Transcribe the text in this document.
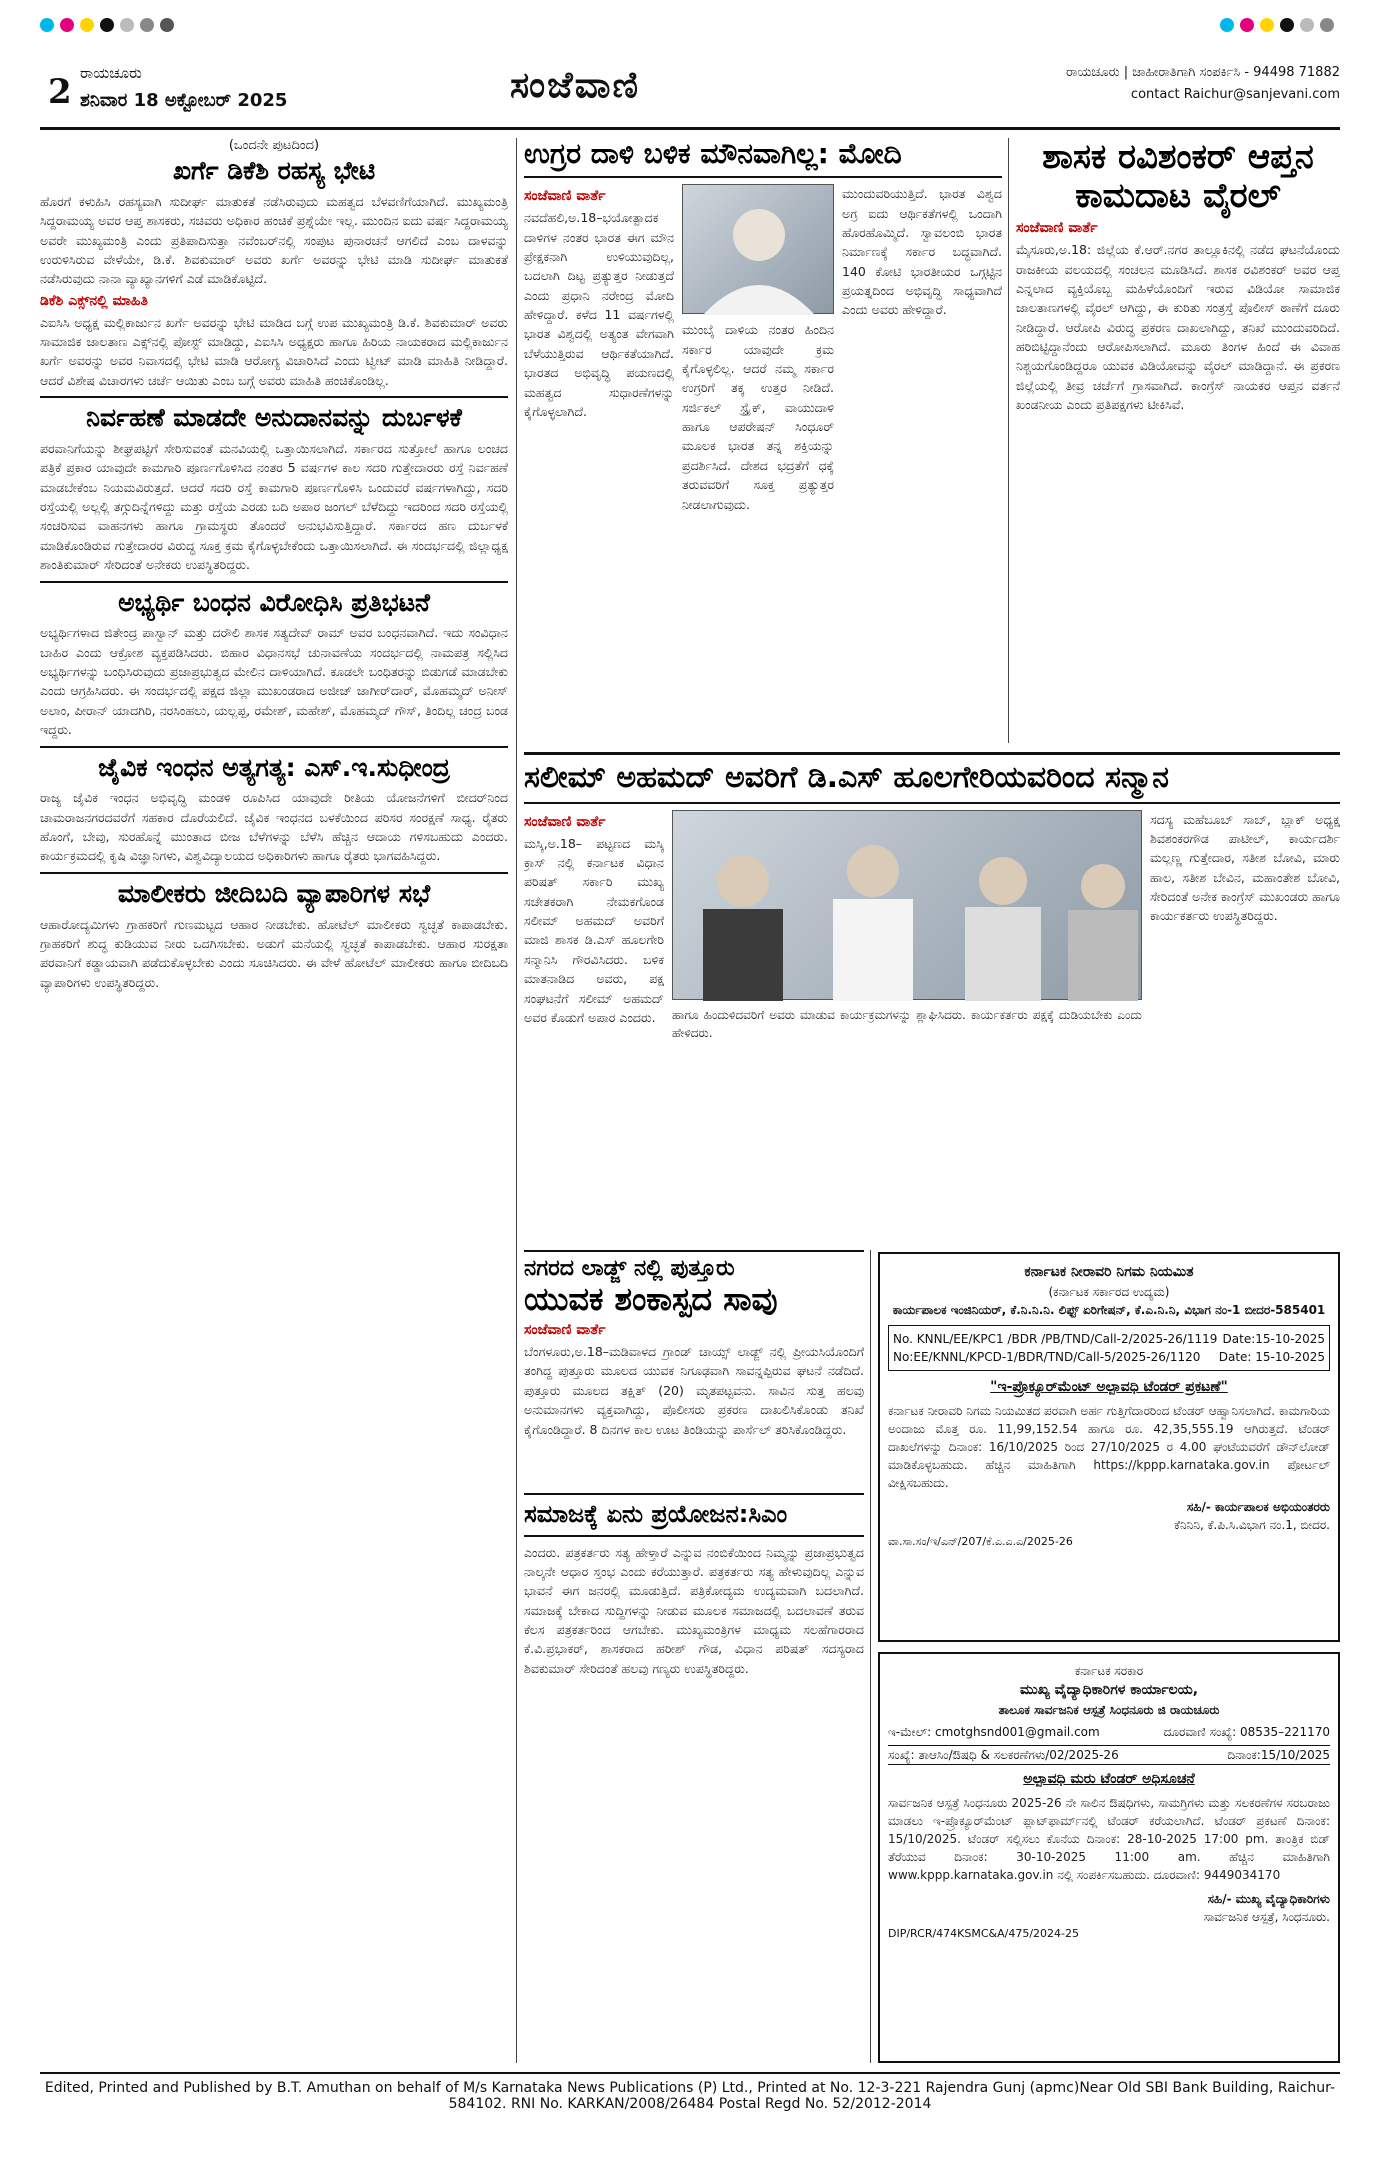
2 ರಾಯಚೂರು
ಶನಿವಾರ 18 ಅಕ್ಟೋಬರ್ 2025	ಸಂಜೆವಾಣಿ	ರಾಯಚೂರು | ಜಾಹೀರಾತಿಗಾಗಿ ಸಂಪರ್ಕಿಸಿ - 94498 71882
contact Raichur@sanjevani.com
(ಒಂದನೇ ಪುಟದಿಂದ)
ಖರ್ಗೆ ಡಿಕೆಶಿ ರಹಸ್ಯ ಭೇಟಿ
ಹೊರಗೆ ಕಳುಹಿಸಿ ರಹಸ್ಯವಾಗಿ ಸುದೀರ್ಘ ಮಾತುಕತೆ ನಡೆಸಿರುವುದು ಮಹತ್ವದ ಬೆಳವಣಿಗೆಯಾಗಿದೆ. ಮುಖ್ಯಮಂತ್ರಿ ಸಿದ್ದರಾಮಯ್ಯ ಅವರ ಆಪ್ತ ಶಾಸಕರು, ಸಚಿವರು ಅಧಿಕಾರ ಹಂಚಿಕೆ ಪ್ರಶ್ನೆಯೇ ಇಲ್ಲ. ಮುಂದಿನ ಐದು ವರ್ಷ ಸಿದ್ದರಾಮಯ್ಯ ಅವರೇ ಮುಖ್ಯಮಂತ್ರಿ ಎಂದು ಪ್ರತಿಪಾದಿಸುತ್ತಾ ನವೆಂಬರ್‌ನಲ್ಲಿ ಸಂಪುಟ ಪುನಾರಚನೆ ಆಗಲಿದೆ ಎಂಬ ದಾಳವನ್ನು ಉರುಳಿಸಿರುವ ವೇಳೆಯೇ, ಡಿ.ಕೆ. ಶಿವಕುಮಾರ್ ಅವರು ಖರ್ಗೆ ಅವರನ್ನು ಭೇಟಿ ಮಾಡಿ ಸುದೀರ್ಘ ಮಾತುಕತೆ ನಡೆಸಿರುವುದು ನಾನಾ ವ್ಯಾಖ್ಯಾನಗಳಿಗೆ ಎಡೆ ಮಾಡಿಕೊಟ್ಟಿದೆ.
ಡಿಕೆಶಿ ಎಕ್ಸ್‌ನಲ್ಲಿ ಮಾಹಿತಿ
ಎಐಸಿಸಿ ಅಧ್ಯಕ್ಷ ಮಲ್ಲಿಕಾರ್ಜುನ ಖರ್ಗೆ ಅವರನ್ನು ಭೇಟಿ ಮಾಡಿದ ಬಗ್ಗೆ ಉಪ ಮುಖ್ಯಮಂತ್ರಿ ಡಿ.ಕೆ. ಶಿವಕುಮಾರ್ ಅವರು ಸಾಮಾಜಿಕ ಜಾಲತಾಣ ಎಕ್ಸ್‌ನಲ್ಲಿ ಪೋಸ್ಟ್ ಮಾಡಿದ್ದು, ಎಐಸಿಸಿ ಅಧ್ಯಕ್ಷರು ಹಾಗೂ ಹಿರಿಯ ನಾಯಕರಾದ ಮಲ್ಲಿಕಾರ್ಜುನ ಖರ್ಗೆ ಅವರನ್ನು ಅವರ ನಿವಾಸದಲ್ಲಿ ಭೇಟಿ ಮಾಡಿ ಆರೋಗ್ಯ ವಿಚಾರಿಸಿದೆ ಎಂದು ಟ್ವೀಟ್ ಮಾಡಿ ಮಾಹಿತಿ ನೀಡಿದ್ದಾರೆ. ಆದರೆ ವಿಶೇಷ ವಿಚಾರಗಳು ಚರ್ಚೆ ಆಯಿತು ಎಂಬ ಬಗ್ಗೆ ಅವರು ಮಾಹಿತಿ ಹಂಚಿಕೊಂಡಿಲ್ಲ.
ನಿರ್ವಹಣೆ ಮಾಡದೇ ಅನುದಾನವನ್ನು ದುರ್ಬಳಕೆ
ಪರವಾನಿಗೆಯನ್ನು ಶೀಘ್ರಪಟ್ಟಿಗೆ ಸೇರಿಸುವಂತೆ ಮನವಿಯಲ್ಲಿ ಒತ್ತಾಯಿಸಲಾಗಿದೆ. ಸರ್ಕಾರದ ಸುತ್ತೋಲೆ ಹಾಗೂ ಲಂಚದ ಪತ್ರಿಕೆ ಪ್ರಕಾರ ಯಾವುದೇ ಕಾಮಗಾರಿ ಪೂರ್ಣಗೊಳಿಸಿದ ನಂತರ 5 ವರ್ಷಗಳ ಕಾಲ ಸದರಿ ಗುತ್ತೇದಾರರು ರಸ್ತೆ ನಿರ್ವಹಣೆ ಮಾಡಬೇಕೆಂಬ ನಿಯಮವಿರುತ್ತದೆ. ಆದರೆ ಸದರಿ ರಸ್ತೆ ಕಾಮಗಾರಿ ಪೂರ್ಣಗೊಳಿಸಿ ಒಂದುವರೆ ವರ್ಷಗಳಾಗಿದ್ದು, ಸದರಿ ರಸ್ತೆಯಲ್ಲಿ ಅಲ್ಲಲ್ಲಿ ತಗ್ಗುದಿನ್ನೆಗಳಿದ್ದು ಮತ್ತು ರಸ್ತೆಯ ಎರಡು ಬದಿ ಅಪಾರ ಜಂಗಲ್ ಬೆಳೆದಿದ್ದು ಇದರಿಂದ ಸದರಿ ರಸ್ತೆಯಲ್ಲಿ ಸಂಚರಿಸುವ ವಾಹನಗಳು ಹಾಗೂ ಗ್ರಾಮಸ್ಥರು ತೊಂದರೆ ಅನುಭವಿಸುತ್ತಿದ್ದಾರೆ. ಸರ್ಕಾರದ ಹಣ ದುರ್ಬಳಕೆ ಮಾಡಿಕೊಂಡಿರುವ ಗುತ್ತೇದಾರರ ವಿರುದ್ಧ ಸೂಕ್ತ ಕ್ರಮ ಕೈಗೊಳ್ಳಬೇಕೆಂದು ಒತ್ತಾಯಿಸಲಾಗಿದೆ. ಈ ಸಂದರ್ಭದಲ್ಲಿ ಜಿಲ್ಲಾಧ್ಯಕ್ಷ ಶಾಂತಿಕುಮಾರ್ ಸೇರಿದಂತೆ ಅನೇಕರು ಉಪಸ್ಥಿತರಿದ್ದರು.
ಅಭ್ಯರ್ಥಿ ಬಂಧನ ವಿರೋಧಿಸಿ ಪ್ರತಿಭಟನೆ
ಅಭ್ಯರ್ಥಿಗಳಾದ ಜಿತೇಂದ್ರ ಪಾಸ್ವಾನ್ ಮತ್ತು ದರೌಲಿ ಶಾಸಕ ಸತ್ಯದೇವ್ ರಾಮ್ ಅವರ ಬಂಧನವಾಗಿದೆ. ಇದು ಸಂವಿಧಾನ ಬಾಹಿರ ಎಂದು ಆಕ್ರೋಶ ವ್ಯಕ್ತಪಡಿಸಿದರು. ಬಿಹಾರ ವಿಧಾನಸಭೆ ಚುನಾವಣೆಯ ಸಂದರ್ಭದಲ್ಲಿ ನಾಮಪತ್ರ ಸಲ್ಲಿಸಿದ ಅಭ್ಯರ್ಥಿಗಳನ್ನು ಬಂಧಿಸಿರುವುದು ಪ್ರಜಾಪ್ರಭುತ್ವದ ಮೇಲಿನ ದಾಳಿಯಾಗಿದೆ. ಕೂಡಲೇ ಬಂಧಿತರನ್ನು ಬಿಡುಗಡೆ ಮಾಡಬೇಕು ಎಂದು ಆಗ್ರಹಿಸಿದರು. ಈ ಸಂದರ್ಭದಲ್ಲಿ ಪಕ್ಷದ ಜಿಲ್ಲಾ ಮುಖಂಡರಾದ ಅಜೀಜ್ ಜಾಗೀರ್‌ದಾರ್, ಮೊಹಮ್ಮದ್ ಅನೀಸ್ ಅಲಾಂ, ಪೀರಾನ್ ಯಾದಗಿರಿ, ನರಸಿಂಹಲು, ಯಲ್ಲಪ್ಪ, ರಮೇಶ್, ಮಹೇಶ್, ಮೊಹಮ್ಮದ್ ಗೌಸ್, ತಿಂದಿಲ್ಲ ಚಂದ್ರ ಬಂಡ ಇದ್ದರು.
ಜೈವಿಕ ಇಂಧನ ಅತ್ಯಗತ್ಯ: ಎಸ್.ಇ.ಸುಧೀಂದ್ರ
ರಾಜ್ಯ ಜೈವಿಕ ಇಂಧನ ಅಭಿವೃದ್ಧಿ ಮಂಡಳಿ ರೂಪಿಸಿದ ಯಾವುದೇ ರೀತಿಯ ಯೋಜನೆಗಳಿಗೆ ಬೀದರ್‌ನಿಂದ ಚಾಮರಾಜನಗರದವರೆಗೆ ಸಹಕಾರ ದೊರೆಯಲಿದೆ. ಜೈವಿಕ ಇಂಧನದ ಬಳಕೆಯಿಂದ ಪರಿಸರ ಸಂರಕ್ಷಣೆ ಸಾಧ್ಯ. ರೈತರು ಹೊಂಗೆ, ಬೇವು, ಸುರಹೊನ್ನೆ ಮುಂತಾದ ಬೀಜ ಬೆಳೆಗಳನ್ನು ಬೆಳೆಸಿ ಹೆಚ್ಚಿನ ಆದಾಯ ಗಳಿಸಬಹುದು ಎಂದರು. ಕಾರ್ಯಕ್ರಮದಲ್ಲಿ ಕೃಷಿ ವಿಜ್ಞಾನಿಗಳು, ವಿಶ್ವವಿದ್ಯಾಲಯದ ಅಧಿಕಾರಿಗಳು ಹಾಗೂ ರೈತರು ಭಾಗವಹಿಸಿದ್ದರು.
ಮಾಲೀಕರು ಜೀದಿಬದಿ ವ್ಯಾಪಾರಿಗಳ ಸಭೆ
ಆಹಾರೋದ್ಯಮಿಗಳು ಗ್ರಾಹಕರಿಗೆ ಗುಣಮಟ್ಟದ ಆಹಾರ ನೀಡಬೇಕು. ಹೋಟೆಲ್ ಮಾಲೀಕರು ಸ್ವಚ್ಛತೆ ಕಾಪಾಡಬೇಕು. ಗ್ರಾಹಕರಿಗೆ ಶುದ್ಧ ಕುಡಿಯುವ ನೀರು ಒದಗಿಸಬೇಕು. ಅಡುಗೆ ಮನೆಯಲ್ಲಿ ಸ್ವಚ್ಛತೆ ಕಾಪಾಡಬೇಕು. ಆಹಾರ ಸುರಕ್ಷತಾ ಪರವಾನಿಗೆ ಕಡ್ಡಾಯವಾಗಿ ಪಡೆದುಕೊಳ್ಳಬೇಕು ಎಂದು ಸೂಚಿಸಿದರು. ಈ ವೇಳೆ ಹೋಟೆಲ್ ಮಾಲೀಕರು ಹಾಗೂ ಬೀದಿಬದಿ ವ್ಯಾಪಾರಿಗಳು ಉಪಸ್ಥಿತರಿದ್ದರು.
ಉಗ್ರರ ದಾಳಿ ಬಳಿಕ ಮೌನವಾಗಿಲ್ಲ: ಮೋದಿ
ಸಂಜೆವಾಣಿ ವಾರ್ತೆ
ನವದೆಹಲಿ,ಅ.18–ಭಯೋತ್ಪಾದಕ ದಾಳಿಗಳ ನಂತರ ಭಾರತ ಈಗ ಮೌನ ಪ್ರೇಕ್ಷಕನಾಗಿ ಉಳಿಯುವುದಿಲ್ಲ, ಬದಲಾಗಿ ದಿಟ್ಟ ಪ್ರತ್ಯುತ್ತರ ನೀಡುತ್ತದೆ ಎಂದು ಪ್ರಧಾನಿ ನರೇಂದ್ರ ಮೋದಿ ಹೇಳಿದ್ದಾರೆ. ಕಳೆದ 11 ವರ್ಷಗಳಲ್ಲಿ ಭಾರತ ವಿಶ್ವದಲ್ಲಿ ಅತ್ಯಂತ ವೇಗವಾಗಿ ಬೆಳೆಯುತ್ತಿರುವ ಆರ್ಥಿಕತೆಯಾಗಿದೆ. ಭಾರತದ ಅಭಿವೃದ್ಧಿ ಪಯಣದಲ್ಲಿ ಮಹತ್ವದ ಸುಧಾರಣೆಗಳನ್ನು ಕೈಗೊಳ್ಳಲಾಗಿದೆ.
ಮುಂಬೈ ದಾಳಿಯ ನಂತರ ಹಿಂದಿನ ಸರ್ಕಾರ ಯಾವುದೇ ಕ್ರಮ ಕೈಗೊಳ್ಳಲಿಲ್ಲ. ಆದರೆ ನಮ್ಮ ಸರ್ಕಾರ ಉಗ್ರರಿಗೆ ತಕ್ಕ ಉತ್ತರ ನೀಡಿದೆ. ಸರ್ಜಿಕಲ್ ಸ್ಟ್ರೈಕ್, ವಾಯುದಾಳಿ ಹಾಗೂ ಆಪರೇಷನ್ ಸಿಂಧೂರ್ ಮೂಲಕ ಭಾರತ ತನ್ನ ಶಕ್ತಿಯನ್ನು ಪ್ರದರ್ಶಿಸಿದೆ. ದೇಶದ ಭದ್ರತೆಗೆ ಧಕ್ಕೆ ತರುವವರಿಗೆ ಸೂಕ್ತ ಪ್ರತ್ಯುತ್ತರ ನೀಡಲಾಗುವುದು.
ಮುಂದುವರಿಯುತ್ತಿದೆ. ಭಾರತ ವಿಶ್ವದ ಅಗ್ರ ಐದು ಆರ್ಥಿಕತೆಗಳಲ್ಲಿ ಒಂದಾಗಿ ಹೊರಹೊಮ್ಮಿದೆ. ಸ್ವಾವಲಂಬಿ ಭಾರತ ನಿರ್ಮಾಣಕ್ಕೆ ಸರ್ಕಾರ ಬದ್ಧವಾಗಿದೆ. 140 ಕೋಟಿ ಭಾರತೀಯರ ಒಗ್ಗಟ್ಟಿನ ಪ್ರಯತ್ನದಿಂದ ಅಭಿವೃದ್ಧಿ ಸಾಧ್ಯವಾಗಿದೆ ಎಂದು ಅವರು ಹೇಳಿದ್ದಾರೆ.
ಶಾಸಕ ರವಿಶಂಕರ್ ಆಪ್ತನ ಕಾಮದಾಟ ವೈರಲ್
ಸಂಜೆವಾಣಿ ವಾರ್ತೆ
ಮೈಸೂರು,ಅ.18: ಜಿಲ್ಲೆಯ ಕೆ.ಆರ್.ನಗರ ತಾಲ್ಲೂಕಿನಲ್ಲಿ ನಡೆದ ಘಟನೆಯೊಂದು ರಾಜಕೀಯ ವಲಯದಲ್ಲಿ ಸಂಚಲನ ಮೂಡಿಸಿದೆ. ಶಾಸಕ ರವಿಶಂಕರ್ ಅವರ ಆಪ್ತ ಎನ್ನಲಾದ ವ್ಯಕ್ತಿಯೊಬ್ಬ ಮಹಿಳೆಯೊಂದಿಗೆ ಇರುವ ವಿಡಿಯೋ ಸಾಮಾಜಿಕ ಜಾಲತಾಣಗಳಲ್ಲಿ ವೈರಲ್ ಆಗಿದ್ದು, ಈ ಕುರಿತು ಸಂತ್ರಸ್ತೆ ಪೊಲೀಸ್ ಠಾಣೆಗೆ ದೂರು ನೀಡಿದ್ದಾರೆ. ಆರೋಪಿ ವಿರುದ್ಧ ಪ್ರಕರಣ ದಾಖಲಾಗಿದ್ದು, ತನಿಖೆ ಮುಂದುವರಿದಿದೆ. ಹರಿಬಿಟ್ಟಿದ್ದಾನೆಂದು ಆರೋಪಿಸಲಾಗಿದೆ. ಮೂರು ತಿಂಗಳ ಹಿಂದೆ ಈ ವಿವಾಹ ನಿಶ್ಚಯಗೊಂಡಿದ್ದರೂ ಯುವಕ ವಿಡಿಯೋವನ್ನು ವೈರಲ್ ಮಾಡಿದ್ದಾನೆ. ಈ ಪ್ರಕರಣ ಜಿಲ್ಲೆಯಲ್ಲಿ ತೀವ್ರ ಚರ್ಚೆಗೆ ಗ್ರಾಸವಾಗಿದೆ. ಕಾಂಗ್ರೆಸ್ ನಾಯಕರ ಆಪ್ತನ ವರ್ತನೆ ಖಂಡನೀಯ ಎಂದು ಪ್ರತಿಪಕ್ಷಗಳು ಟೀಕಿಸಿವೆ.
ಸಲೀಮ್ ಅಹಮದ್ ಅವರಿಗೆ ಡಿ.ಎಸ್ ಹೂಲಗೇರಿಯವರಿಂದ ಸನ್ಮಾನ
ಸಂಜೆವಾಣಿ ವಾರ್ತೆ
ಮಸ್ಕಿ,ಅ.18– ಪಟ್ಟಣದ ಮಸ್ಕಿ ಕ್ರಾಸ್ ನಲ್ಲಿ ಕರ್ನಾಟಕ ವಿಧಾನ ಪರಿಷತ್ ಸರ್ಕಾರಿ ಮುಖ್ಯ ಸಚೇತಕರಾಗಿ ನೇಮಕಗೊಂಡ ಸಲೀಮ್ ಅಹಮದ್ ಅವರಿಗೆ ಮಾಜಿ ಶಾಸಕ ಡಿ.ಎಸ್ ಹೂಲಗೇರಿ ಸನ್ಮಾನಿಸಿ ಗೌರವಿಸಿದರು. ಬಳಿಕ ಮಾತನಾಡಿದ ಅವರು, ಪಕ್ಷ ಸಂಘಟನೆಗೆ ಸಲೀಮ್ ಅಹಮದ್ ಅವರ ಕೊಡುಗೆ ಅಪಾರ ಎಂದರು.	ಹಾಗೂ ಹಿಂದುಳಿದವರಿಗೆ ಅವರು ಮಾಡುವ ಕಾರ್ಯಕ್ರಮಗಳನ್ನು ಶ್ಲಾಘಿಸಿದರು. ಕಾರ್ಯಕರ್ತರು ಪಕ್ಷಕ್ಕೆ ದುಡಿಯಬೇಕು ಎಂದು ಹೇಳಿದರು.
ಸದಸ್ಯ ಮಹೆಬೂಬ್ ಸಾಬ್, ಬ್ಲಾಕ್ ಅಧ್ಯಕ್ಷ ಶಿವಶಂಕರಗೌಡ ಪಾಟೀಲ್, ಕಾರ್ಯದರ್ಶಿ ಮಲ್ಲಣ್ಣ ಗುತ್ತೇದಾರ, ಸತೀಶ ಬೋವಿ, ಮಾರು ಹಾಲ, ಸತೀಶ ಬೇವಿನ, ಮಹಾಂತೇಶ ಬೋವಿ, ಸೇರಿದಂತೆ ಅನೇಕ ಕಾಂಗ್ರೆಸ್ ಮುಖಂಡರು ಹಾಗೂ ಕಾರ್ಯಕರ್ತರು ಉಪಸ್ಥಿತರಿದ್ದರು.
ನಗರದ ಲಾಡ್ಜ್ ನಲ್ಲಿ ಪುತ್ತೂರು
ಯುವಕ ಶಂಕಾಸ್ಪದ ಸಾವು
ಸಂಜೆವಾಣಿ ವಾರ್ತೆ
ಬೆಂಗಳೂರು,ಅ.18–ಮಡಿವಾಳದ ಗ್ರಾಂಡ್ ಚಾಯ್ಸ್ ಲಾಡ್ಜ್ ನಲ್ಲಿ ಪ್ರೀಯಸಿಯೊಂದಿಗೆ ತಂಗಿದ್ದ ಪುತ್ತೂರು ಮೂಲದ ಯುವಕ ನಿಗೂಢವಾಗಿ ಸಾವನ್ನಪ್ಪಿರುವ ಘಟನೆ ನಡೆದಿದೆ. ಪುತ್ತೂರು ಮೂಲದ ತಕ್ಷಿತ್ (20) ಮೃತಪಟ್ಟವನು. ಸಾವಿನ ಸುತ್ತ ಹಲವು ಅನುಮಾನಗಳು ವ್ಯಕ್ತವಾಗಿದ್ದು, ಪೊಲೀಸರು ಪ್ರಕರಣ ದಾಖಲಿಸಿಕೊಂಡು ತನಿಖೆ ಕೈಗೊಂಡಿದ್ದಾರೆ. 8 ದಿನಗಳ ಕಾಲ ಊಟ ತಿಂಡಿಯನ್ನು ಪಾರ್ಸೆಲ್ ತರಿಸಿಕೊಂಡಿದ್ದರು.
ಸಮಾಜಕ್ಕೆ ಏನು ಪ್ರಯೋಜನ:ಸಿಎಂ
ಎಂದರು. ಪತ್ರಕರ್ತರು ಸತ್ಯ ಹೇಳ್ತಾರೆ ಎನ್ನುವ ನಂಬಿಕೆಯಿಂದ ನಿಮ್ಮನ್ನು ಪ್ರಜಾಪ್ರಭುತ್ವದ ನಾಲ್ಕನೇ ಆಧಾರ ಸ್ತಂಭ ಎಂದು ಕರೆಯುತ್ತಾರೆ. ಪತ್ರಕರ್ತರು ಸತ್ಯ ಹೇಳುವುದಿಲ್ಲ ಎನ್ನುವ ಭಾವನೆ ಈಗ ಜನರಲ್ಲಿ ಮೂಡುತ್ತಿದೆ. ಪತ್ರಿಕೋದ್ಯಮ ಉದ್ಯಮವಾಗಿ ಬದಲಾಗಿದೆ. ಸಮಾಜಕ್ಕೆ ಬೇಕಾದ ಸುದ್ದಿಗಳನ್ನು ನೀಡುವ ಮೂಲಕ ಸಮಾಜದಲ್ಲಿ ಬದಲಾವಣೆ ತರುವ ಕೆಲಸ ಪತ್ರಕರ್ತರಿಂದ ಆಗಬೇಕು. ಮುಖ್ಯಮಂತ್ರಿಗಳ ಮಾಧ್ಯಮ ಸಲಹೆಗಾರರಾದ ಕೆ.ವಿ.ಪ್ರಭಾಕರ್, ಶಾಸಕರಾದ ಹರೀಶ್ ಗೌಡ, ವಿಧಾನ ಪರಿಷತ್ ಸದಸ್ಯರಾದ ಶಿವಕುಮಾರ್ ಸೇರಿದಂತೆ ಹಲವು ಗಣ್ಯರು ಉಪಸ್ಥಿತರಿದ್ದರು.
ಕರ್ನಾಟಕ ನೀರಾವರಿ ನಿಗಮ ನಿಯಮಿತ
(ಕರ್ನಾಟಕ ಸರ್ಕಾರದ ಉದ್ಯಮ)
ಕಾರ್ಯಪಾಲಕ ಇಂಜಿನಿಯರ್, ಕೆ.ನಿ.ನಿ.ನಿ. ಲಿಫ್ಟ್ ಏರಿಗೇಷನ್, ಕೆ.ಎ.ನಿ.ನಿ, ವಿಭಾಗ ನಂ-1 ಬೀದರ-585401
No. KNNL/EE/KPC1 /BDR /PB/TND/Call-2/2025-26/1119 Date:15-10-2025
No:EE/KNNL/KPCD-1/BDR/TND/Call-5/2025-26/1120 Date: 15-10-2025
"ಇ-ಪ್ರೊಕ್ಯೂರ್‌ಮೆಂಟ್ ಅಲ್ಪಾವಧಿ ಟೆಂಡರ್ ಪ್ರಕಟಣೆ"

ಕರ್ನಾಟಕ ನೀರಾವರಿ ನಿಗಮ ನಿಯಮಿತದ ಪರವಾಗಿ ಅರ್ಹ ಗುತ್ತಿಗೆದಾರರಿಂದ ಟೆಂಡರ್ ಆಹ್ವಾನಿಸಲಾಗಿದೆ. ಕಾಮಗಾರಿಯ ಅಂದಾಜು ಮೊತ್ತ ರೂ. 11,99,152.54 ಹಾಗೂ ರೂ. 42,35,555.19 ಆಗಿರುತ್ತದೆ. ಟೆಂಡರ್ ದಾಖಲೆಗಳನ್ನು ದಿನಾಂಕ: 16/10/2025 ರಿಂದ 27/10/2025 ರ 4.00 ಘಂಟೆಯವರೆಗೆ ಡೌನ್‌ಲೋಡ್ ಮಾಡಿಕೊಳ್ಳಬಹುದು. ಹೆಚ್ಚಿನ ಮಾಹಿತಿಗಾಗಿ https://kppp.karnataka.gov.in ಪೋರ್ಟಲ್ ವೀಕ್ಷಿಸಬಹುದು.

ಸಹಿ/- ಕಾರ್ಯಪಾಲಕ ಅಭಿಯಂತರರು
ಕೆನಿನಿನಿ, ಕೆ.ಪಿ.ಸಿ.ವಿಭಾಗ ನಂ.1, ಬೀದರ.
ವಾ.ಸಾ.ಸಂ/ಇ/ಎನ್/207/ಕೆ.ಎ.ಎ.ಎ/2025-26
ಕರ್ನಾಟಕ ಸರಕಾರ
ಮುಖ್ಯ ವೈದ್ಯಾಧಿಕಾರಿಗಳ ಕಾರ್ಯಾಲಯ,
ತಾಲೂಕ ಸಾರ್ವಜನಿಕ ಆಸ್ಪತ್ರೆ ಸಿಂಧನೂರು ಜಿ ರಾಯಚೂರು
ಇ-ಮೇಲ್: cmotghsnd001@gmail.com	ದೂರವಾಣಿ ಸಂಖ್ಯೆ: 08535–221170
ಸಂಖ್ಯೆ: ತಾಆಸಿಂ/ಔಷಧಿ & ಸಲಕರಣೆಗಳು/02/2025-26	ದಿನಾಂಕ:15/10/2025
ಅಲ್ಪಾವಧಿ ಮರು ಟೆಂಡರ್ ಅಧಿಸೂಚನೆ

ಸಾರ್ವಜನಿಕ ಆಸ್ಪತ್ರೆ ಸಿಂಧನೂರು 2025-26 ನೇ ಸಾಲಿನ ಔಷಧಿಗಳು, ಸಾಮಗ್ರಿಗಳು ಮತ್ತು ಸಲಕರಣೆಗಳ ಸರಬರಾಜು ಮಾಡಲು ಇ-ಪ್ರೊಕ್ಯೂರ್‌ಮೆಂಟ್ ಪ್ಲಾಟ್‌ಫಾರ್ಮ್‌ನಲ್ಲಿ ಟೆಂಡರ್ ಕರೆಯಲಾಗಿದೆ. ಟೆಂಡರ್ ಪ್ರಕಟಣೆ ದಿನಾಂಕ: 15/10/2025. ಟೆಂಡರ್ ಸಲ್ಲಿಸಲು ಕೊನೆಯ ದಿನಾಂಕ: 28-10-2025 17:00 pm. ತಾಂತ್ರಿಕ ಬಿಡ್ ತೆರೆಯುವ ದಿನಾಂಕ: 30-10-2025 11:00 am. ಹೆಚ್ಚಿನ ಮಾಹಿತಿಗಾಗಿ www.kppp.karnataka.gov.in ನಲ್ಲಿ ಸಂಪರ್ಕಿಸಬಹುದು. ದೂರವಾಣಿ: 9449034170

ಸಹಿ/- ಮುಖ್ಯ ವೈದ್ಯಾಧಿಕಾರಿಗಳು
ಸಾರ್ವಜನಿಕ ಆಸ್ಪತ್ರೆ, ಸಿಂಧನೂರು.
DIP/RCR/474KSMC&A/475/2024-25
Edited, Printed and Published by B.T. Amuthan on behalf of M/s Karnataka News Publications (P) Ltd., Printed at No. 12-3-221 Rajendra Gunj (apmc)Near Old SBI Bank Building, Raichur-584102. RNI No. KARKAN/2008/26484 Postal Regd No. 52/2012-2014
